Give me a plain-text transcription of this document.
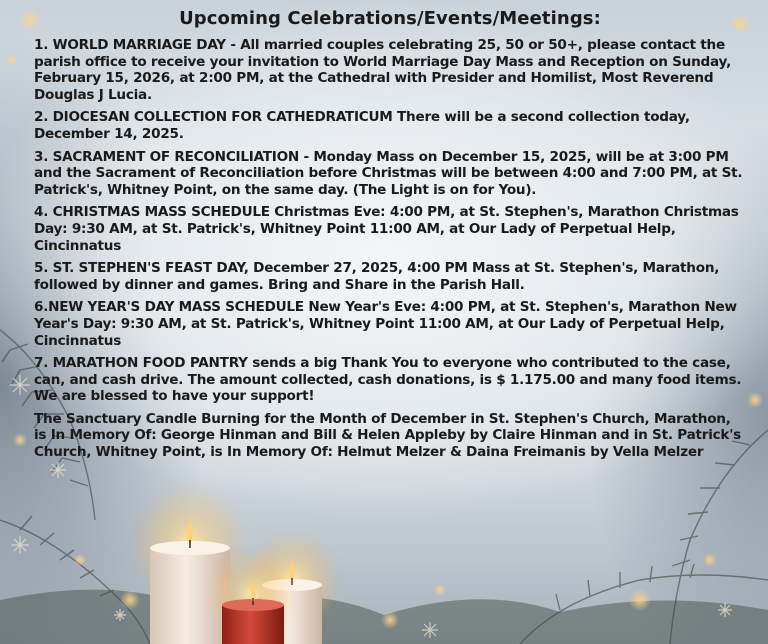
Upcoming Celebrations/Events/Meetings:
1. WORLD MARRIAGE DAY - All married couples celebrating 25, 50 or 50+, please contact the parish office to receive your invitation to World Marriage Day Mass and Reception on Sunday, February 15, 2026, at 2:00 PM, at the Cathedral with Presider and Homilist, Most Reverend Douglas J Lucia.
2. DIOCESAN COLLECTION FOR CATHEDRATICUM There will be a second collection today, December 14, 2025.
3. SACRAMENT OF RECONCILIATION - Monday Mass on December 15, 2025, will be at 3:00 PM and the Sacrament of Reconciliation before Christmas will be between 4:00 and 7:00 PM, at St. Patrick's, Whitney Point, on the same day. (The Light is on for You).
4. CHRISTMAS MASS SCHEDULE Christmas Eve: 4:00 PM, at St. Stephen's, Marathon Christmas Day: 9:30 AM, at St. Patrick's, Whitney Point 11:00 AM, at Our Lady of Perpetual Help, Cincinnatus
5. ST. STEPHEN'S FEAST DAY, December 27, 2025, 4:00 PM Mass at St. Stephen's, Marathon, followed by dinner and games. Bring and Share in the Parish Hall.
6.NEW YEAR'S DAY MASS SCHEDULE New Year's Eve: 4:00 PM, at St. Stephen's, Marathon New Year's Day: 9:30 AM, at St. Patrick's, Whitney Point 11:00 AM, at Our Lady of Perpetual Help, Cincinnatus
7. MARATHON FOOD PANTRY sends a big Thank You to everyone who contributed to the case, can, and cash drive. The amount collected, cash donations, is $ 1.175.00 and many food items. We are blessed to have your support!
The Sanctuary Candle Burning for the Month of December in St. Stephen's Church, Marathon, is In Memory Of: George Hinman and Bill & Helen Appleby by Claire Hinman and in St. Patrick's Church, Whitney Point, is In Memory Of: Helmut Melzer & Daina Freimanis by Vella Melzer
